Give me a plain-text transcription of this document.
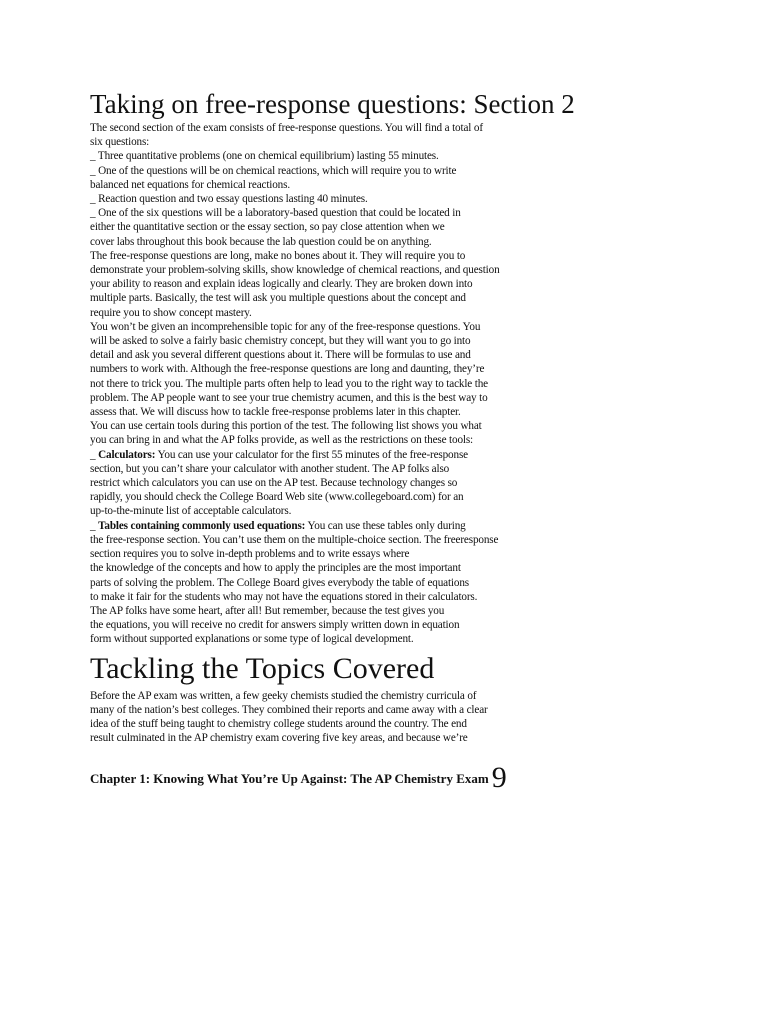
Taking on free-response questions: Section 2
The second section of the exam consists of free-response questions. You will find a total of
six questions:
_ Three quantitative problems (one on chemical equilibrium) lasting 55 minutes.
_ One of the questions will be on chemical reactions, which will require you to write
balanced net equations for chemical reactions.
_ Reaction question and two essay questions lasting 40 minutes.
_ One of the six questions will be a laboratory-based question that could be located in
either the quantitative section or the essay section, so pay close attention when we
cover labs throughout this book because the lab question could be on anything.
The free-response questions are long, make no bones about it. They will require you to
demonstrate your problem-solving skills, show knowledge of chemical reactions, and question
your ability to reason and explain ideas logically and clearly. They are broken down into
multiple parts. Basically, the test will ask you multiple questions about the concept and
require you to show concept mastery.
You won’t be given an incomprehensible topic for any of the free-response questions. You
will be asked to solve a fairly basic chemistry concept, but they will want you to go into
detail and ask you several different questions about it. There will be formulas to use and
numbers to work with. Although the free-response questions are long and daunting, they’re
not there to trick you. The multiple parts often help to lead you to the right way to tackle the
problem. The AP people want to see your true chemistry acumen, and this is the best way to
assess that. We will discuss how to tackle free-response problems later in this chapter.
You can use certain tools during this portion of the test. The following list shows you what
you can bring in and what the AP folks provide, as well as the restrictions on these tools:
_ Calculators: You can use your calculator for the first 55 minutes of the free-response
section, but you can’t share your calculator with another student. The AP folks also
restrict which calculators you can use on the AP test. Because technology changes so
rapidly, you should check the College Board Web site (www.collegeboard.com) for an
up-to-the-minute list of acceptable calculators.
_ Tables containing commonly used equations: You can use these tables only during
the free-response section. You can’t use them on the multiple-choice section. The freeresponse
section requires you to solve in-depth problems and to write essays where
the knowledge of the concepts and how to apply the principles are the most important
parts of solving the problem. The College Board gives everybody the table of equations
to make it fair for the students who may not have the equations stored in their calculators.
The AP folks have some heart, after all! But remember, because the test gives you
the equations, you will receive no credit for answers simply written down in equation
form without supported explanations or some type of logical development.
Tackling the Topics Covered
Before the AP exam was written, a few geeky chemists studied the chemistry curricula of
many of the nation’s best colleges. They combined their reports and came away with a clear
idea of the stuff being taught to chemistry college students around the country. The end
result culminated in the AP chemistry exam covering five key areas, and because we’re
Chapter 1: Knowing What You’re Up Against: The AP Chemistry Exam 9
